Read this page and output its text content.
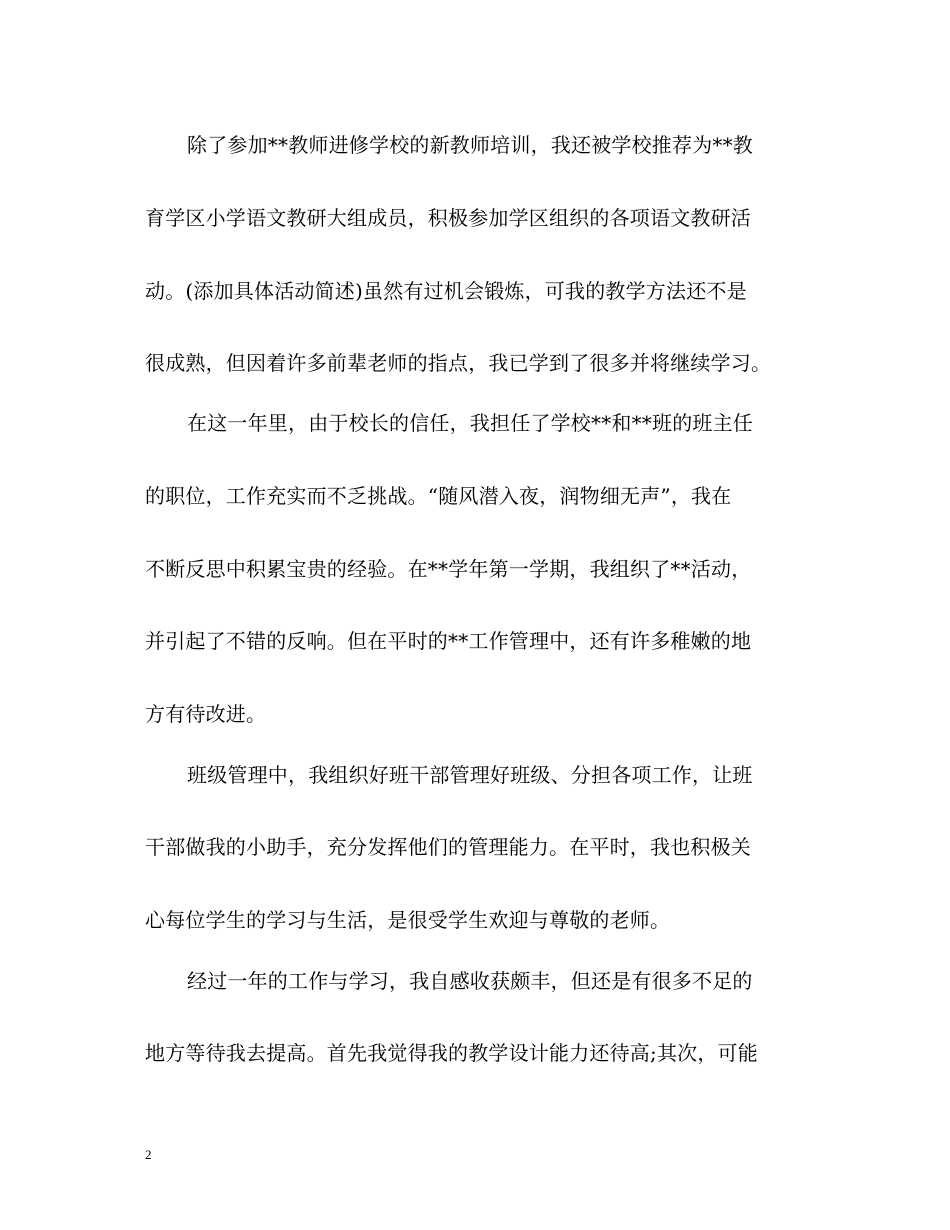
除了参加**教师进修学校的新教师培训，我还被学校推荐为**教
育学区小学语文教研大组成员，积极参加学区组织的各项语文教研活
动。(添加具体活动简述)虽然有过机会锻炼，可我的教学方法还不是
很成熟，但因着许多前辈老师的指点，我已学到了很多并将继续学习。
在这一年里，由于校长的信任，我担任了学校**和**班的班主任
的职位，工作充实而不乏挑战。“随风潜入夜，润物细无声”，我在
不断反思中积累宝贵的经验。在**学年第一学期，我组织了**活动，
并引起了不错的反响。但在平时的**工作管理中，还有许多稚嫩的地
方有待改进。
班级管理中，我组织好班干部管理好班级、分担各项工作，让班
干部做我的小助手，充分发挥他们的管理能力。在平时，我也积极关
心每位学生的学习与生活，是很受学生欢迎与尊敬的老师。
经过一年的工作与学习，我自感收获颇丰，但还是有很多不足的
地方等待我去提高。首先我觉得我的教学设计能力还待高;其次，可能
2
